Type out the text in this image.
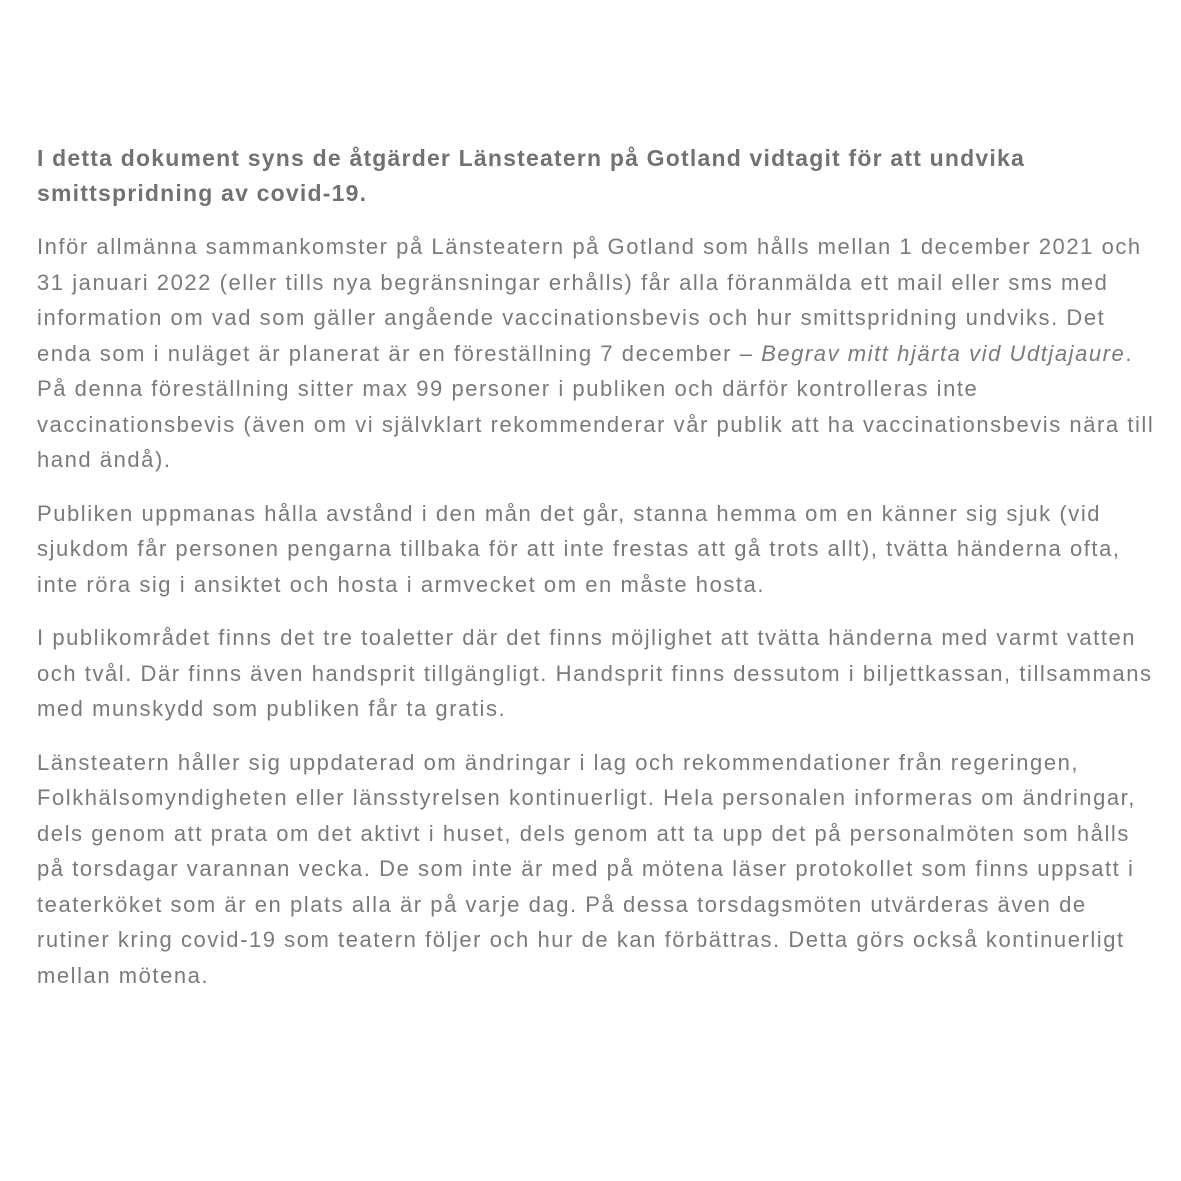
I detta dokument syns de åtgärder Länsteatern på Gotland vidtagit för att undvika smittspridning av covid-19.

Inför allmänna sammankomster på Länsteatern på Gotland som hålls mellan 1 december 2021 och 31 januari 2022 (eller tills nya begränsningar erhålls) får alla föranmälda ett mail eller sms med information om vad som gäller angående vaccinationsbevis och hur smittspridning undviks. Det enda som i nuläget är planerat är en föreställning 7 december – Begrav mitt hjärta vid Udtjajaure. På denna föreställning sitter max 99 personer i publiken och därför kontrolleras inte vaccinationsbevis (även om vi självklart rekommenderar vår publik att ha vaccinationsbevis nära till hand ändå).

Publiken uppmanas hålla avstånd i den mån det går, stanna hemma om en känner sig sjuk (vid sjukdom får personen pengarna tillbaka för att inte frestas att gå trots allt), tvätta händerna ofta, inte röra sig i ansiktet och hosta i armvecket om en måste hosta.

I publikområdet finns det tre toaletter där det finns möjlighet att tvätta händerna med varmt vatten och tvål. Där finns även handsprit tillgängligt. Handsprit finns dessutom i biljettkassan, tillsammans med munskydd som publiken får ta gratis.

Länsteatern håller sig uppdaterad om ändringar i lag och rekommendationer från regeringen, Folkhälsomyndigheten eller länsstyrelsen kontinuerligt. Hela personalen informeras om ändringar, dels genom att prata om det aktivt i huset, dels genom att ta upp det på personalmöten som hålls på torsdagar varannan vecka. De som inte är med på mötena läser protokollet som finns uppsatt i teaterköket som är en plats alla är på varje dag. På dessa torsdagsmöten utvärderas även de rutiner kring covid-19 som teatern följer och hur de kan förbättras. Detta görs också kontinuerligt mellan mötena.
